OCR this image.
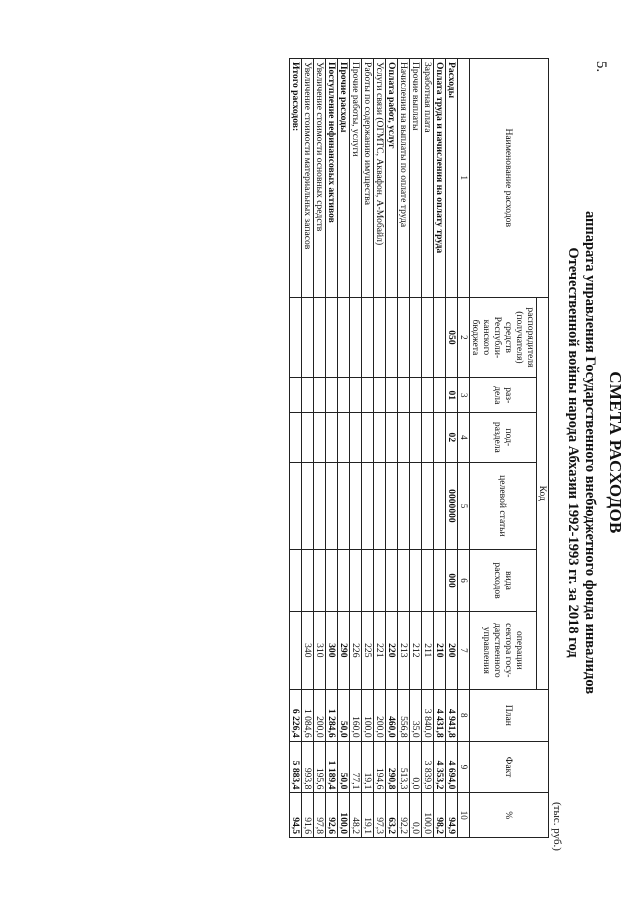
5.
СМЕТА РАСХОДОВ
аппарата управления Государственного внебюджетного фонда инвалидов
Отечественной войны народа Абхазии 1992-1993 гг. за 2018 год
(тыс. руб.)
Наименование расходов	Код						План	Факт	%
	распорядителя (получателя) средств Республи-канского бюджета	раз-дела	под-раздела	целевой статьи	вида расходов	операции сектора госу-дарственного управления			
1	2	3	4	5	6	7	8	9	10
Расходы	050	01	02	0000000	000	200	4 941,8	4 694,0	94,9
Оплата труда и начисления на оплату труда						210	4 431,8	4 353,2	98,2
Заработная плата						211	3 840,0	3 839,9	100,0
Прочие выплаты						212	35,0	0,0	0,0
Начисления на выплаты по оплате труда						213	556,8	513,3	92,2
Оплата работ, услуг						220	460,0	290,8	63,2
Услуги связи (ОГМТС, Аквафон, А-Мобайл)						221	200,0	194,6	97,3
Работы по содержанию имущества						225	100,0	19,1	19,1
Прочие работы, услуги						226	160,0	77,1	48,2
Прочие расходы						290	50,0	50,0	100,0
Поступление нефинансовых активов						300	1 284,6	1 189,4	92,6
Увеличение стоимости основных средств						310	200,0	195,6	97,8
Увеличение стоимости материальных запасов						340	1 084,6	993,8	91,6
Итого расходов:							6 226,4	5 883,4	94,5
